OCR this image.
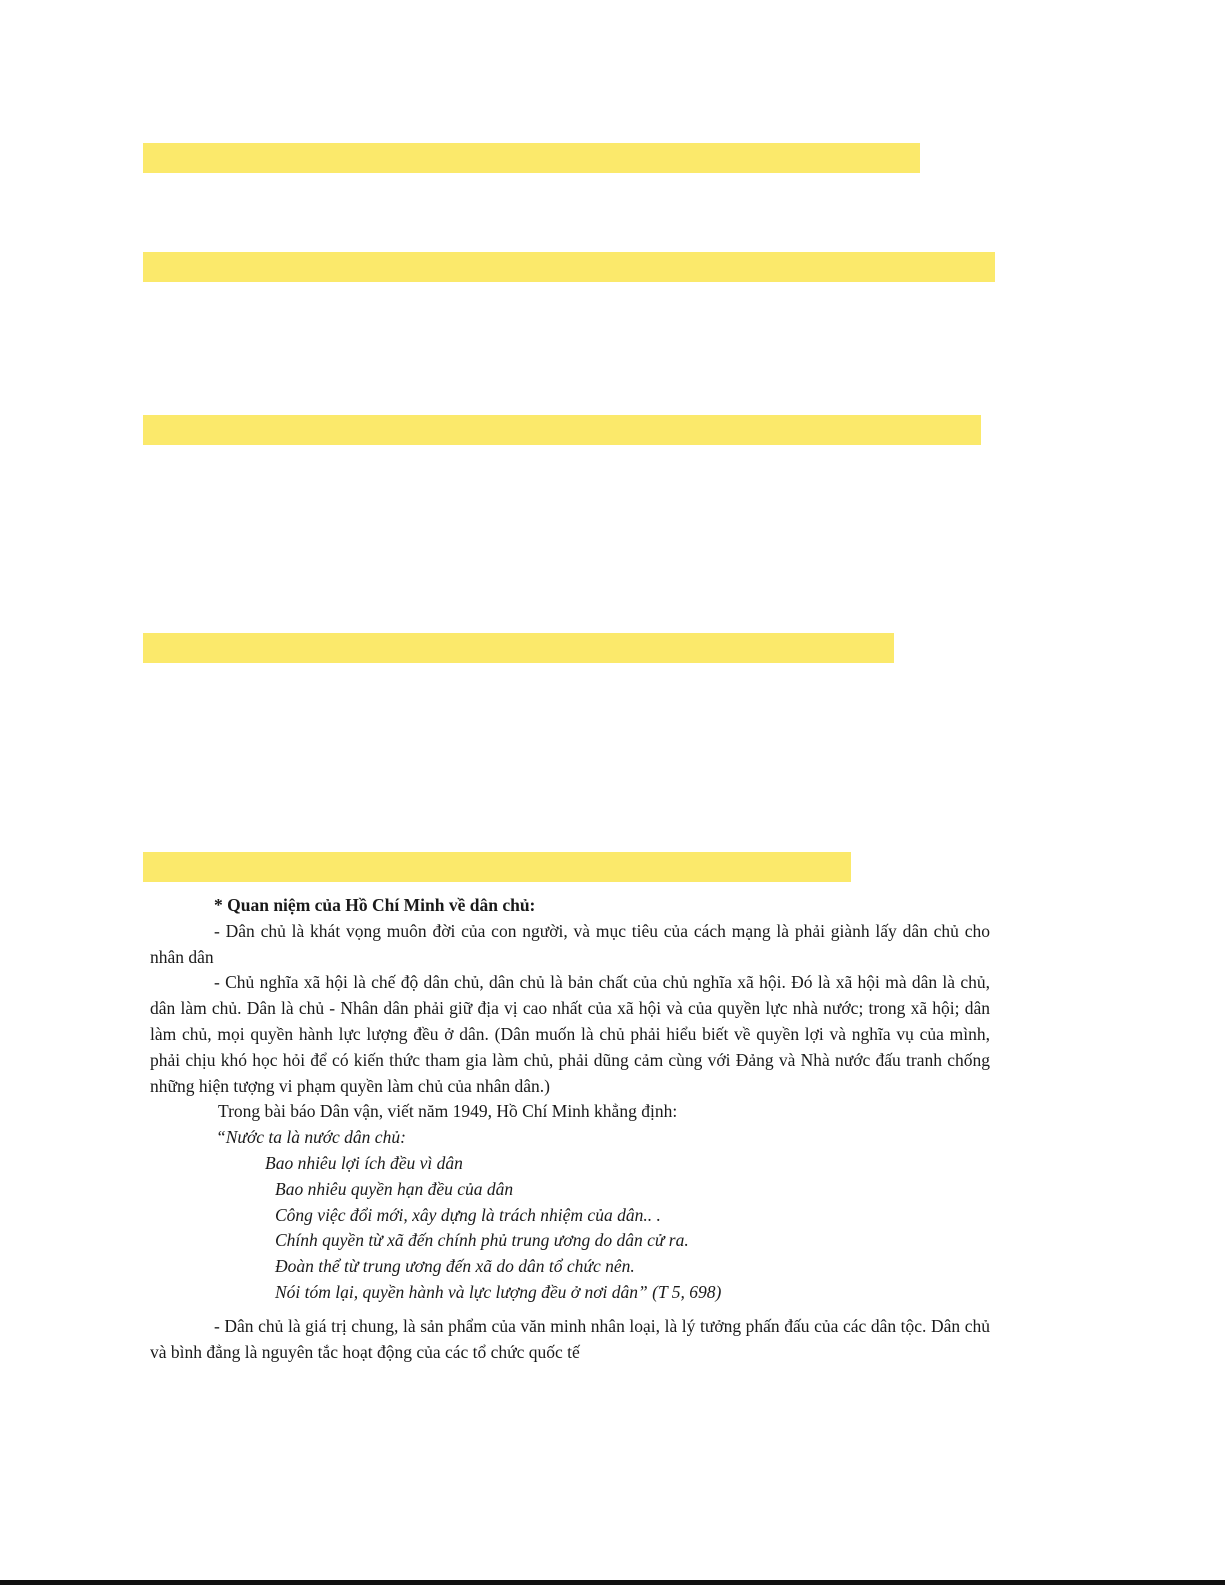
* Quan niệm của Hồ Chí Minh về dân chủ:

- Dân chủ là khát vọng muôn đời của con người, và mục tiêu của cách mạng là phải giành lấy dân chủ cho nhân dân

- Chủ nghĩa xã hội là chế độ dân chủ, dân chủ là bản chất của chủ nghĩa xã hội. Đó là xã hội mà dân là chủ, dân làm chủ. Dân là chủ - Nhân dân phải giữ địa vị cao nhất của xã hội và của quyền lực nhà nước; trong xã hội; dân làm chủ, mọi quyền hành lực lượng đều ở dân. (Dân muốn là chủ phải hiểu biết về quyền lợi và nghĩa vụ của mình, phải chịu khó học hỏi để có kiến thức tham gia làm chủ, phải dũng cảm cùng với Đảng và Nhà nước đấu tranh chống những hiện tượng vi phạm quyền làm chủ của nhân dân.)

Trong bài báo Dân vận, viết năm 1949, Hồ Chí Minh khẳng định:

“Nước ta là nước dân chủ:

Bao nhiêu lợi ích đều vì dân

Bao nhiêu quyền hạn đều của dân

Công việc đổi mới, xây dựng là trách nhiệm của dân.. .

Chính quyền từ xã đến chính phủ trung ương do dân cử ra.

Đoàn thể từ trung ương đến xã do dân tổ chức nên.

Nói tóm lại, quyền hành và lực lượng đều ở nơi dân” (T 5, 698)

- Dân chủ là giá trị chung, là sản phẩm của văn minh nhân loại, là lý tưởng phấn đấu của các dân tộc. Dân chủ và bình đẳng là nguyên tắc hoạt động của các tổ chức quốc tế
